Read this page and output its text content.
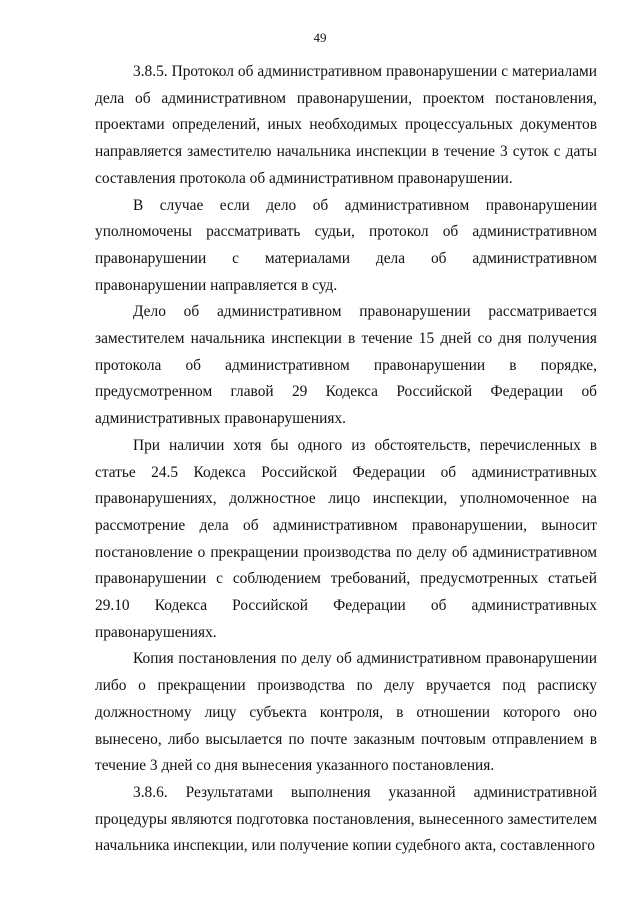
49

3.8.5. Протокол об административном правонарушении с материалами дела об административном правонарушении, проектом постановления, проектами определений, иных необходимых процессуальных документов направляется заместителю начальника инспекции в течение 3 суток с даты составления протокола об административном правонарушении.

В случае если дело об административном правонарушении уполномочены рассматривать судьи, протокол об административном правонарушении с материалами дела об административном правонарушении направляется в суд.

Дело об административном правонарушении рассматривается заместителем начальника инспекции в течение 15 дней со дня получения протокола об административном правонарушении в порядке, предусмотренном главой 29 Кодекса Российской Федерации об административных правонарушениях.

При наличии хотя бы одного из обстоятельств, перечисленных в статье 24.5 Кодекса Российской Федерации об административных правонарушениях, должностное лицо инспекции, уполномоченное на рассмотрение дела об административном правонарушении, выносит постановление о прекращении производства по делу об административном правонарушении с соблюдением требований, предусмотренных статьей 29.10 Кодекса Российской Федерации об административных правонарушениях.

Копия постановления по делу об административном правонарушении либо о прекращении производства по делу вручается под расписку должностному лицу субъекта контроля, в отношении которого оно вынесено, либо высылается по почте заказным почтовым отправлением в течение 3 дней со дня вынесения указанного постановления.

3.8.6. Результатами выполнения указанной административной процедуры являются подготовка постановления, вынесенного заместителем начальника инспекции, или получение копии судебного акта, составленного
